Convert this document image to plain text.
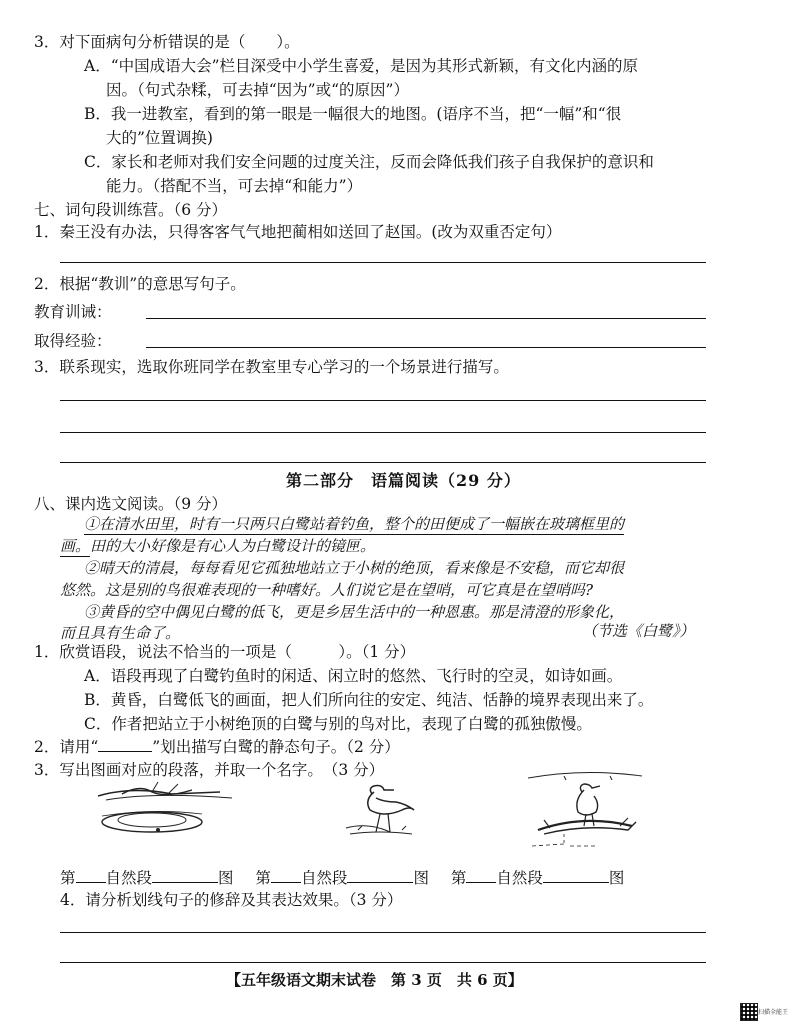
3．对下面病句分析错误的是（　　）。
A．“中国成语大会”栏目深受中小学生喜爱，是因为其形式新颖，有文化内涵的原
因。（句式杂糅，可去掉“因为”或“的原因”）
B．我一进教室，看到的第一眼是一幅很大的地图。(语序不当，把“一幅”和“很
大的”位置调换)
C．家长和老师对我们安全问题的过度关注，反而会降低我们孩子自我保护的意识和
能力。（搭配不当，可去掉“和能力”）
七、词句段训练营。（6 分）
1．秦王没有办法，只得客客气气地把蔺相如送回了赵国。(改为双重否定句）
2．根据“教训”的意思写句子。
教育训诫：
取得经验：
3．联系现实，选取你班同学在教室里专心学习的一个场景进行描写。
第二部分　语篇阅读（29 分）
八、课内选文阅读。（9 分）
①在清水田里，时有一只两只白鹭站着钓鱼，整个的田便成了一幅嵌在玻璃框里的
画。田的大小好像是有心人为白鹭设计的镜匣。
②晴天的清晨，每每看见它孤独地站立于小树的绝顶，看来像是不安稳，而它却很
悠然。这是别的鸟很难表现的一种嗜好。人们说它是在望哨，可它真是在望哨吗?
③黄昏的空中偶见白鹭的低飞，更是乡居生活中的一种恩惠。那是清澄的形象化，
而且具有生命了。	（节选《白鹭》）
1．欣赏语段，说法不恰当的一项是（　　　）。（1 分）
A．语段再现了白鹭钓鱼时的闲适、闲立时的悠然、飞行时的空灵，如诗如画。
B．黄昏，白鹭低飞的画面，把人们所向往的安定、纯洁、恬静的境界表现出来了。
C．作者把站立于小树绝顶的白鹭与别的鸟对比，表现了白鹭的孤独傲慢。
2．请用“	”划出描写白鹭的静态句子。（2 分）
3．写出图画对应的段落，并取一个名字。　（3 分）
第 自然段	图 第 自然段	图 第 自然段	图
4．请分析划线句子的修辞及其表达效果。（3 分）
【五年级语文期末试卷　第 3 页　共 6 页】
扫描全能王
